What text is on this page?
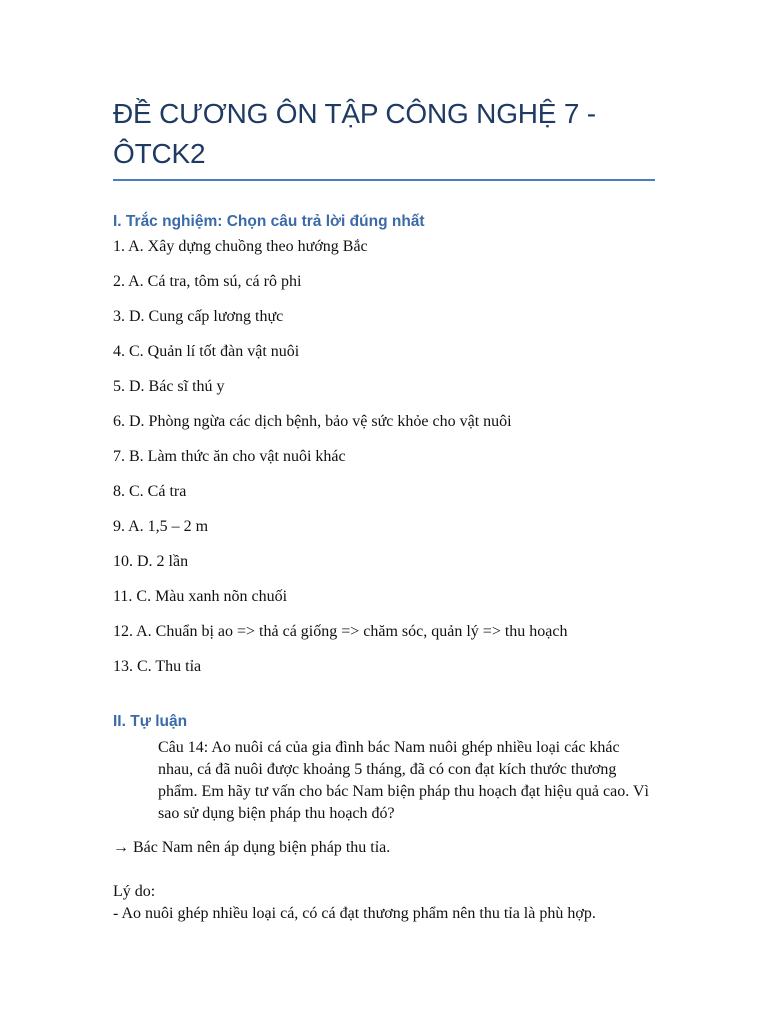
ĐỀ CƯƠNG ÔN TẬP CÔNG NGHỆ 7 -
ÔTCK2
I. Trắc nghiệm: Chọn câu trả lời đúng nhất
1. A. Xây dựng chuồng theo hướng Bắc
2. A. Cá tra, tôm sú, cá rô phi
3. D. Cung cấp lương thực
4. C. Quản lí tốt đàn vật nuôi
5. D. Bác sĩ thú y
6. D. Phòng ngừa các dịch bệnh, bảo vệ sức khỏe cho vật nuôi
7. B. Làm thức ăn cho vật nuôi khác
8. C. Cá tra
9. A. 1,5 – 2 m
10. D. 2 lần
11. C. Màu xanh nõn chuối
12. A. Chuẩn bị ao => thả cá giống => chăm sóc, quản lý => thu hoạch
13. C. Thu tỉa
II. Tự luận
Câu 14: Ao nuôi cá của gia đình bác Nam nuôi ghép nhiều loại các khác nhau, cá đã nuôi được khoảng 5 tháng, đã có con đạt kích thước thương phẩm. Em hãy tư vấn cho bác Nam biện pháp thu hoạch đạt hiệu quả cao. Vì sao sử dụng biện pháp thu hoạch đó?
→ Bác Nam nên áp dụng biện pháp thu tỉa.
Lý do:
- Ao nuôi ghép nhiều loại cá, có cá đạt thương phẩm nên thu tỉa là phù hợp.
